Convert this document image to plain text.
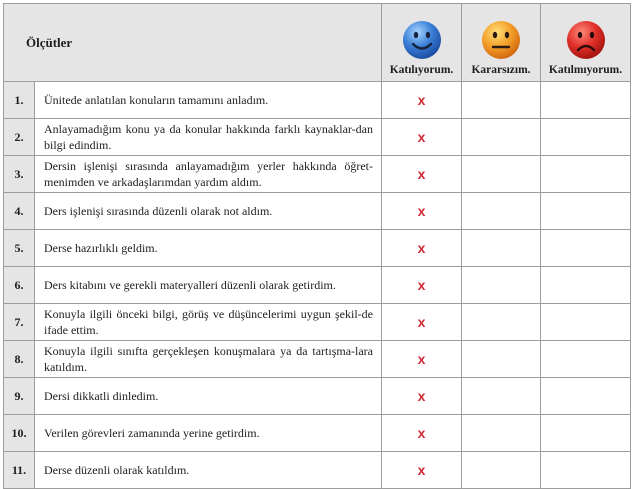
Ölçütler		Katılıyorum.	Kararsızım.	Katılmıyorum.

1.	Ünitede anlatılan konuların tamamını anladım.	x		
2.	Anlayamadığım konu ya da konular hakkında farklı kaynaklar-dan bilgi edindim.	x		
3.	Dersin işlenişi sırasında anlayamadığım yerler hakkında öğret-menimden ve arkadaşlarımdan yardım aldım.	x		
4.	Ders işlenişi sırasında düzenli olarak not aldım.	x		
5.	Derse hazırlıklı geldim.	x		
6.	Ders kitabını ve gerekli materyalleri düzenli olarak getirdim.	x		
7.	Konuyla ilgili önceki bilgi, görüş ve düşüncelerimi uygun şekil-de ifade ettim.	x		
8.	Konuyla ilgili sınıfta gerçekleşen konuşmalara ya da tartışma-lara katıldım.	x		
9.	Dersi dikkatli dinledim.	x		
10.	Verilen görevleri zamanında yerine getirdim.	x		
11.	Derse düzenli olarak katıldım.	x		
